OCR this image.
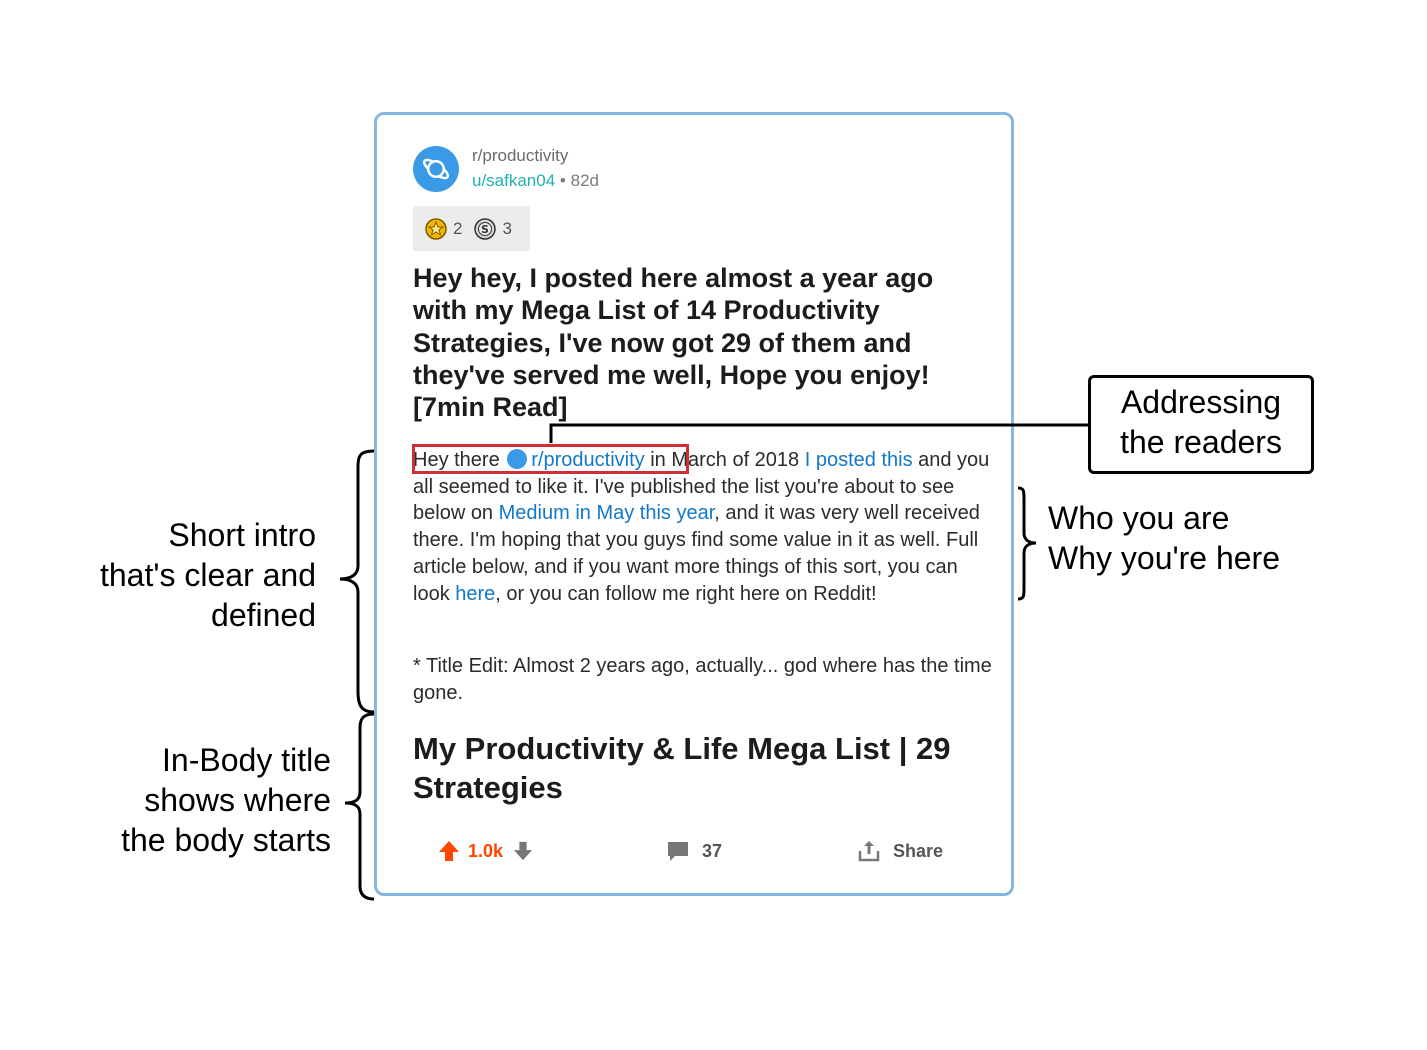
r/productivity
u/safkan04 • 82d
2 S 3
Hey hey, I posted here almost a year ago with my Mega List of 14 Productivity Strategies, I've now got 29 of them and they've served me well, Hope you enjoy! [7min Read]
Hey there r/productivity in March of 2018 I posted this and you all seemed to like it. I've published the list you're about to see below on Medium in May this year, and it was very well received there. I'm hoping that you guys find some value in it as well. Full article below, and if you want more things of this sort, you can look here, or you can follow me right here on Reddit!
* Title Edit: Almost 2 years ago, actually... god where has the time gone.
My Productivity & Life Mega List | 29 Strategies
1.0k	37	Share
Addressing
the readers
Who you are
Why you're here
Short intro
that's clear and
defined
In-Body title
shows where
the body starts
